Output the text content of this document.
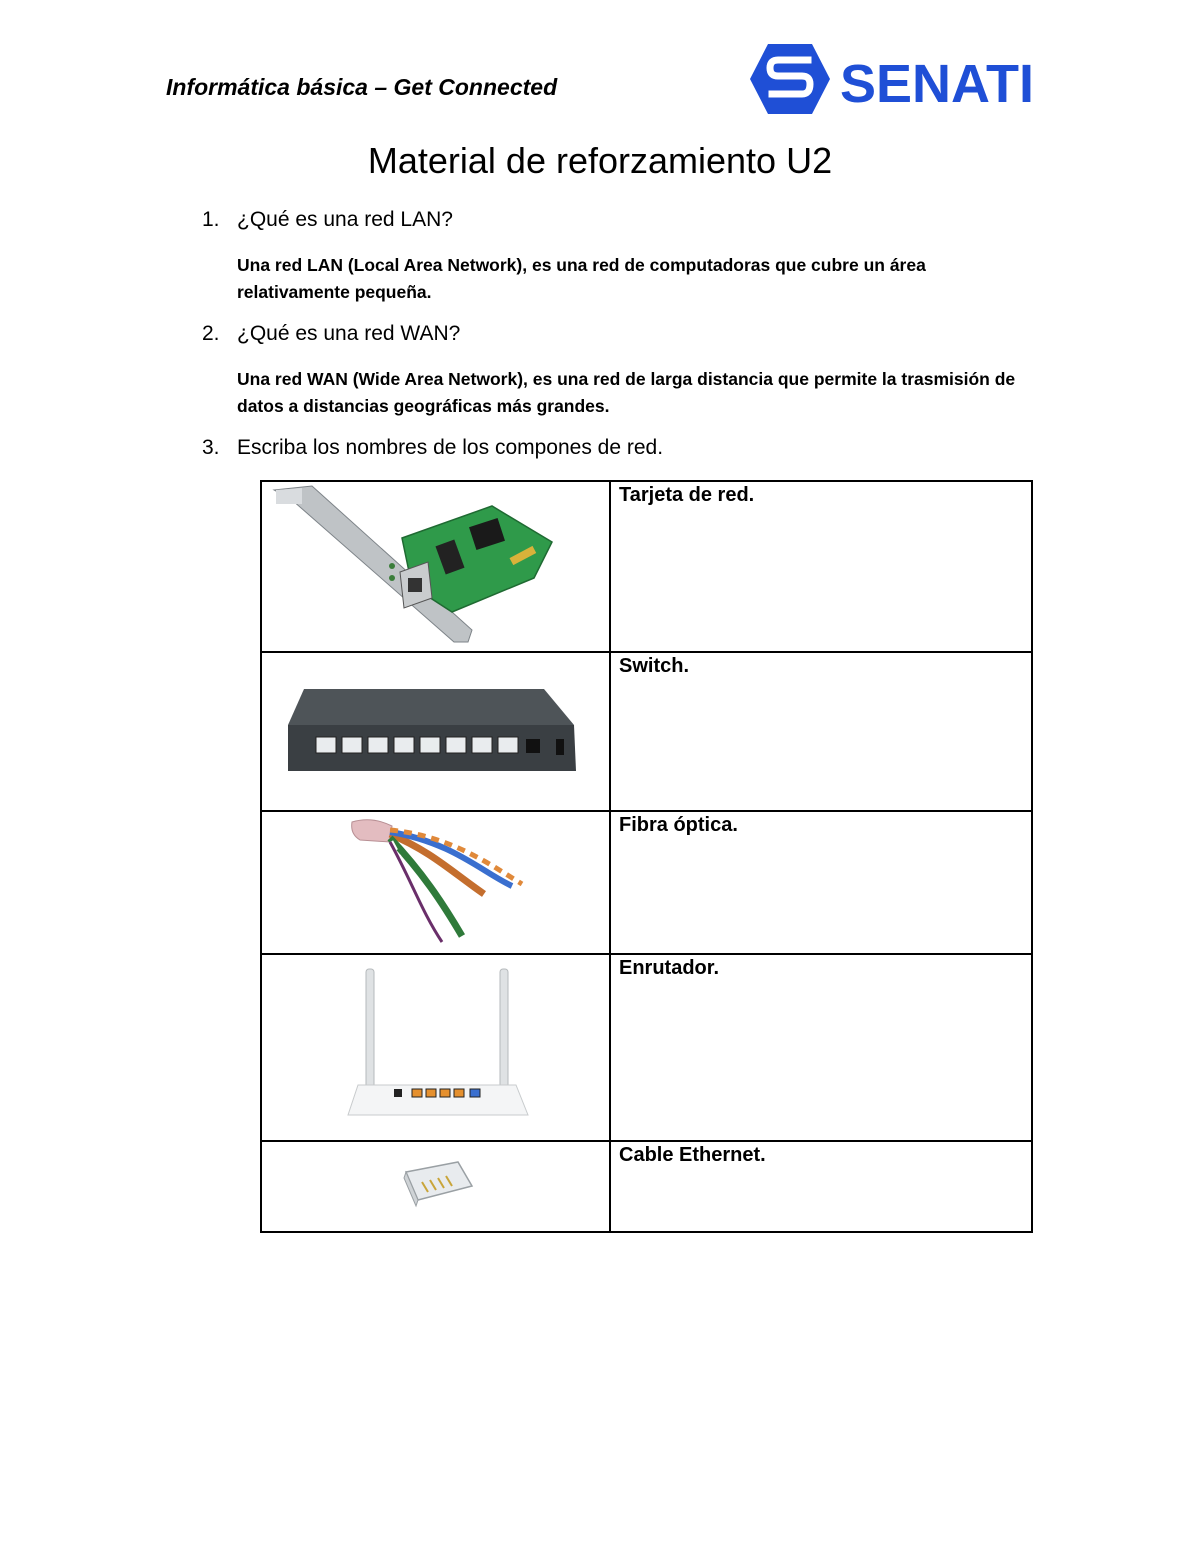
Informática básica – Get Connected	SENATI
Material de reforzamiento U2
1. ¿Qué es una red LAN?
Una red LAN (Local Area Network), es una red de computadoras que cubre un área relativamente pequeña.
2. ¿Qué es una red WAN?
Una red WAN (Wide Area Network), es una red de larga distancia que permite la trasmisión de datos a distancias geográficas más grandes.
3. Escriba los nombres de los compones de red.
	Tarjeta de red.
	Switch.
	Fibra óptica.
	Enrutador.
	Cable Ethernet.
